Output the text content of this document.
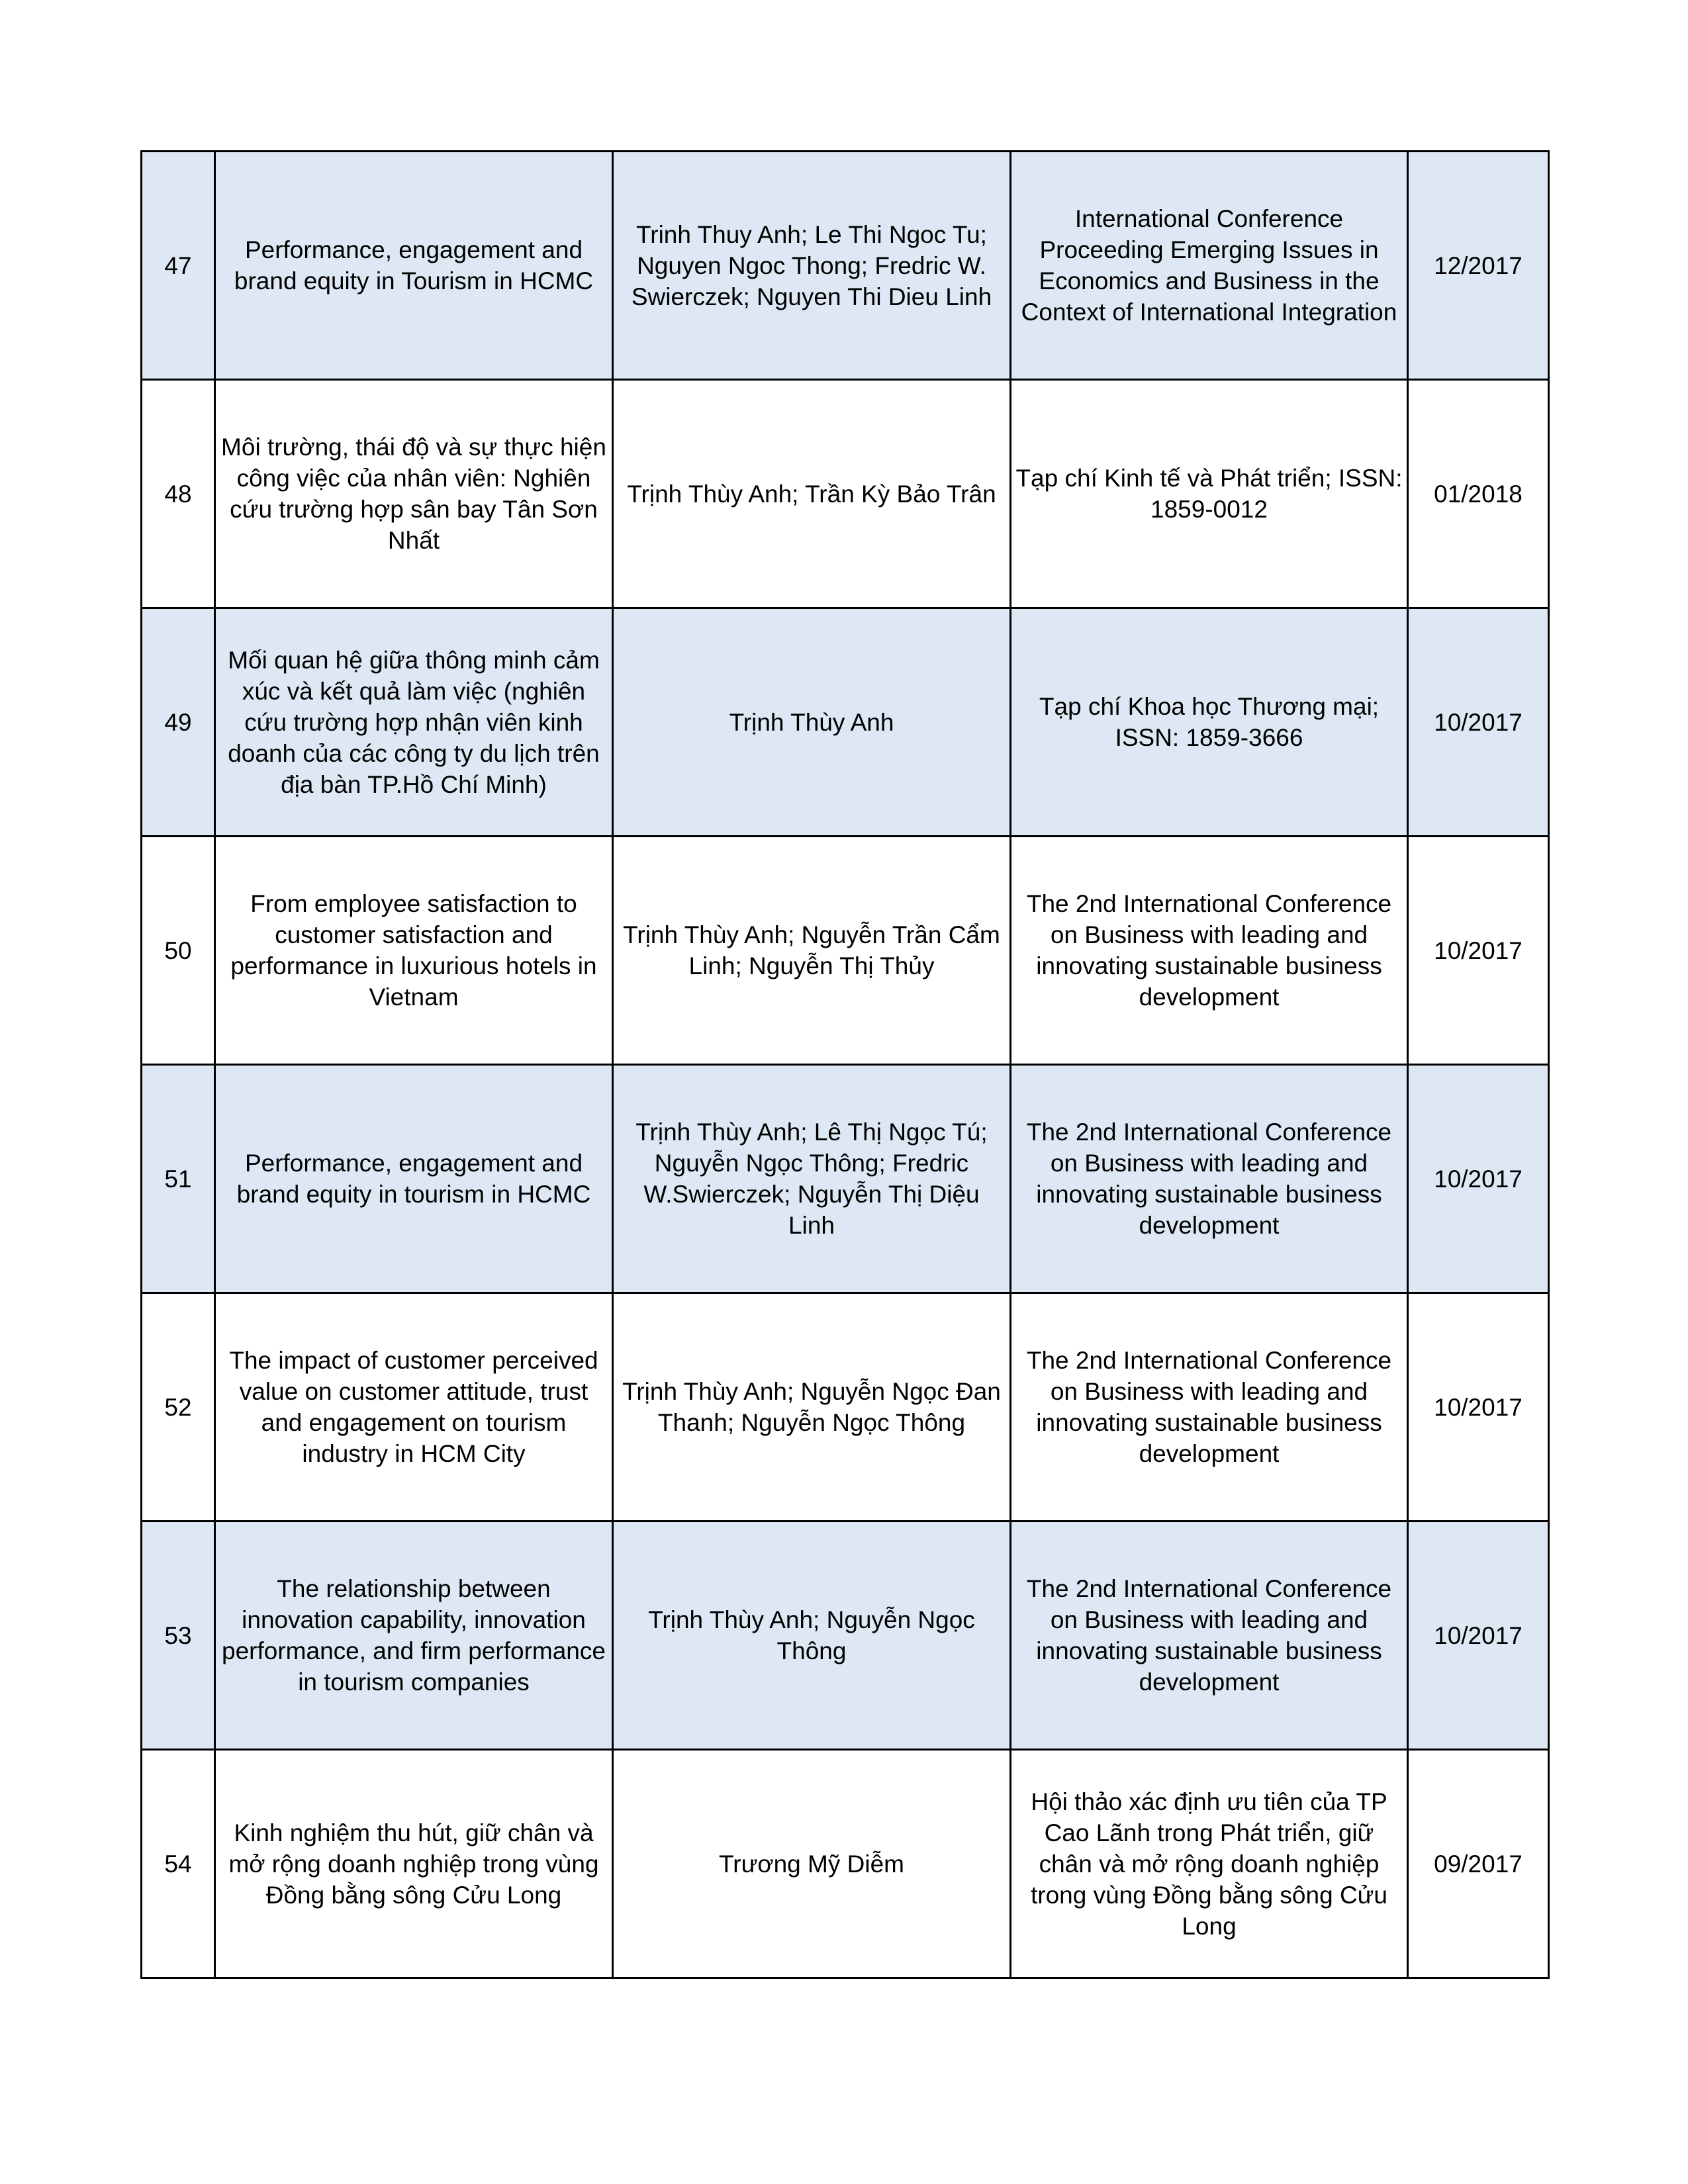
47	Performance, engagement and brand equity in Tourism in HCMC	Trinh Thuy Anh; Le Thi Ngoc Tu; Nguyen Ngoc Thong; Fredric W. Swierczek; Nguyen Thi Dieu Linh	International Conference Proceeding Emerging Issues in Economics and Business in the Context of International Integration	12/2017
48	Môi trường, thái độ và sự thực hiện công việc của nhân viên: Nghiên cứu trường hợp sân bay Tân Sơn Nhất	Trịnh Thùy Anh; Trần Kỳ Bảo Trân	Tạp chí Kinh tế và Phát triển; ISSN: 1859-0012	01/2018
49	Mối quan hệ giữa thông minh cảm xúc và kết quả làm việc (nghiên cứu trường hợp nhận viên kinh doanh của các công ty du lịch trên địa bàn TP.Hồ Chí Minh)	Trịnh Thùy Anh	Tạp chí Khoa học Thương mại; ISSN: 1859-3666	10/2017
50	From employee satisfaction to customer satisfaction and performance in luxurious hotels in Vietnam	Trịnh Thùy Anh; Nguyễn Trần Cẩm Linh; Nguyễn Thị Thủy	The 2nd International Conference on Business with leading and innovating sustainable business development	10/2017
51	Performance, engagement and brand equity in tourism in HCMC	Trịnh Thùy Anh; Lê Thị Ngọc Tú; Nguyễn Ngọc Thông; Fredric W.Swierczek; Nguyễn Thị Diệu Linh	The 2nd International Conference on Business with leading and innovating sustainable business development	10/2017
52	The impact of customer perceived value on customer attitude, trust and engagement on tourism industry in HCM City	Trịnh Thùy Anh; Nguyễn Ngọc Đan Thanh; Nguyễn Ngọc Thông	The 2nd International Conference on Business with leading and innovating sustainable business development	10/2017
53	The relationship between innovation capability, innovation performance, and firm performance in tourism companies	Trịnh Thùy Anh; Nguyễn Ngọc Thông	The 2nd International Conference on Business with leading and innovating sustainable business development	10/2017
54	Kinh nghiệm thu hút, giữ chân và mở rộng doanh nghiệp trong vùng Đồng bằng sông Cửu Long	Trương Mỹ Diễm	Hội thảo xác định ưu tiên của TP Cao Lãnh trong Phát triển, giữ chân và mở rộng doanh nghiệp trong vùng Đồng bằng sông Cửu Long	09/2017
